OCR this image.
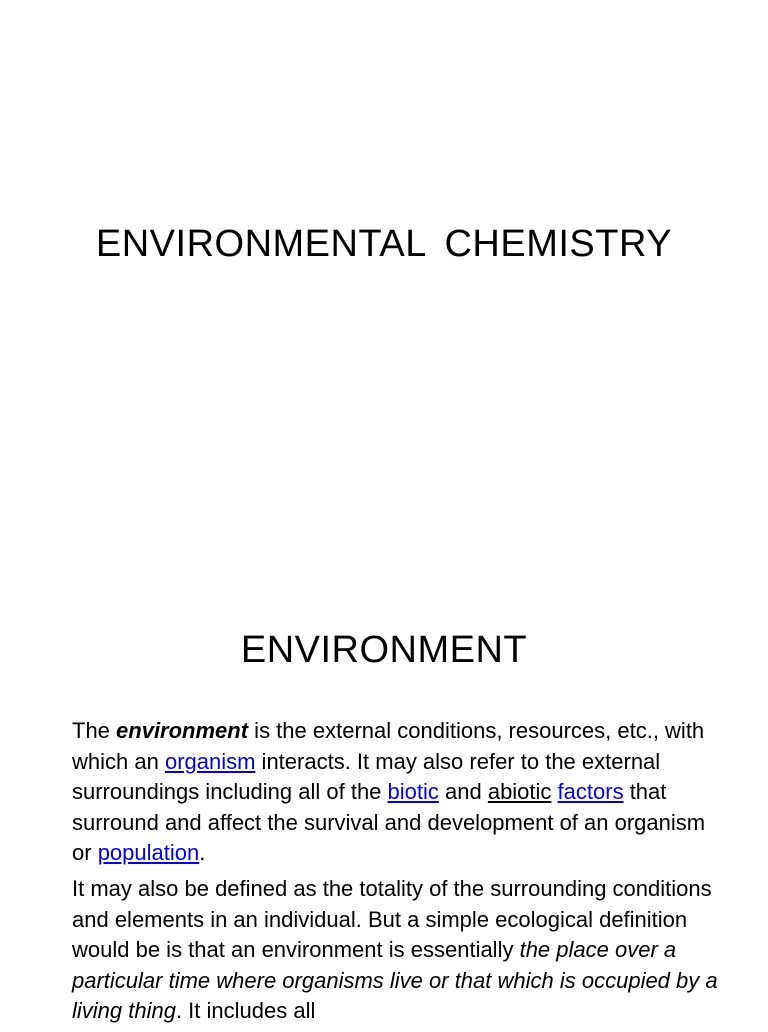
ENVIRONMENTAL CHEMISTRY
ENVIRONMENT

The environment is the external conditions, resources, etc., with which an organism interacts. It may also refer to the external surroundings including all of the biotic and abiotic factors that surround and affect the survival and development of an organism or population.

It may also be defined as the totality of the surrounding conditions and elements in an individual. But a simple ecological definition would be is that an environment is essentially the place over a particular time where organisms live or that which is occupied by a living thing. It includes all
